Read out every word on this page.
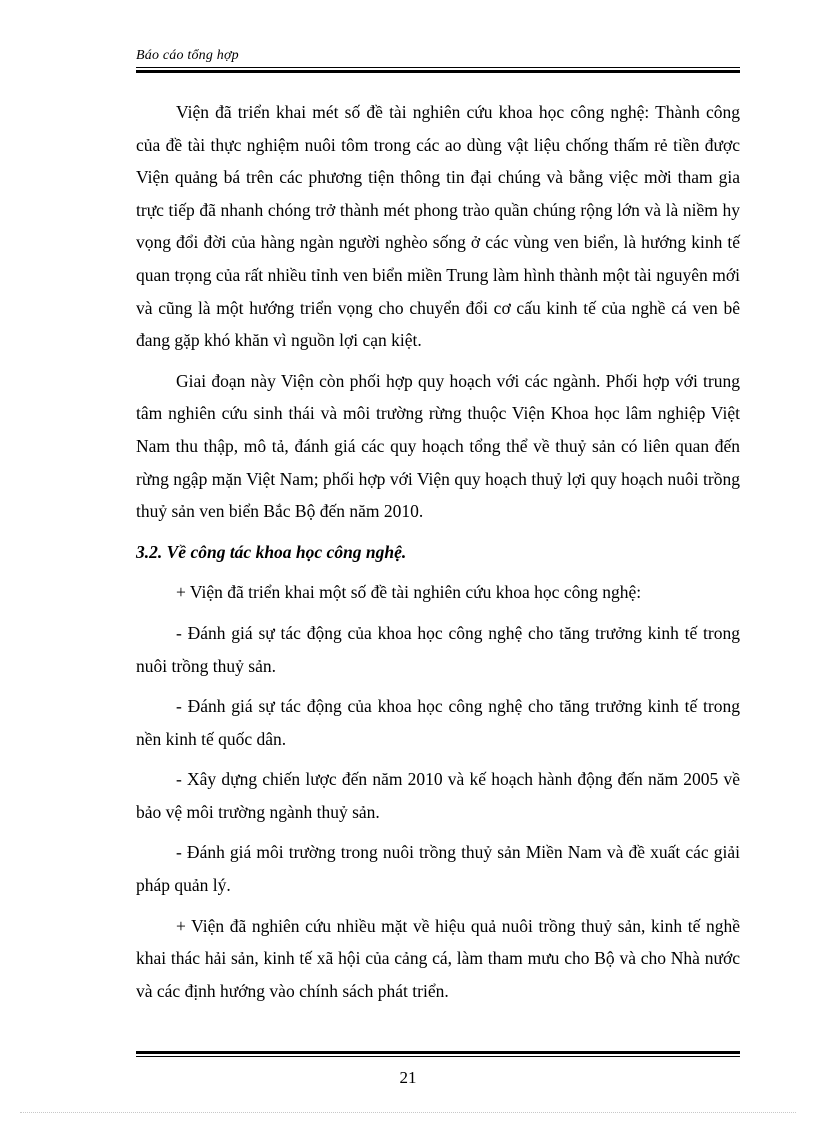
Báo cáo tổng hợp

Viện đã triển khai mét số đề tài nghiên cứu khoa học công nghệ: Thành công của đề tài thực nghiệm nuôi tôm trong các ao dùng vật liệu chống thấm rẻ tiền được Viện quảng bá trên các phương tiện thông tin đại chúng và bằng việc mời tham gia trực tiếp đã nhanh chóng trở thành mét phong trào quần chúng rộng lớn và là niềm hy vọng đổi đời của hàng ngàn người nghèo sống ở các vùng ven biển, là hướng kinh tế quan trọng của rất nhiều tỉnh ven biển miền Trung làm hình thành một tài nguyên mới và cũng là một hướng triển vọng cho chuyển đổi cơ cấu kinh tế của nghề cá ven bê đang gặp khó khăn vì nguồn lợi cạn kiệt.

Giai đoạn này Viện còn phối hợp quy hoạch với các ngành. Phối hợp với trung tâm nghiên cứu sinh thái và môi trường rừng thuộc Viện Khoa học lâm nghiệp Việt Nam thu thập, mô tả, đánh giá các quy hoạch tổng thể về thuỷ sản có liên quan đến rừng ngập mặn Việt Nam; phối hợp với Viện quy hoạch thuỷ lợi quy hoạch nuôi trồng thuỷ sản ven biển Bắc Bộ đến năm 2010.

3.2. Về công tác khoa học công nghệ.

+ Viện đã triển khai một số đề tài nghiên cứu khoa học công nghệ:

- Đánh giá sự tác động của khoa học công nghệ cho tăng trưởng kinh tế trong nuôi trồng thuỷ sản.

- Đánh giá sự tác động của khoa học công nghệ cho tăng trưởng kinh tế trong nền kinh tế quốc dân.

- Xây dựng chiến lược đến năm 2010 và kế hoạch hành động đến năm 2005 về bảo vệ môi trường ngành thuỷ sản.

- Đánh giá môi trường trong nuôi trồng thuỷ sản Miền Nam và đề xuất các giải pháp quản lý.

+ Viện đã nghiên cứu nhiều mặt về hiệu quả nuôi trồng thuỷ sản, kinh tế nghề khai thác hải sản, kinh tế xã hội của cảng cá, làm tham mưu cho Bộ và cho Nhà nước và các định hướng vào chính sách phát triển.

21
